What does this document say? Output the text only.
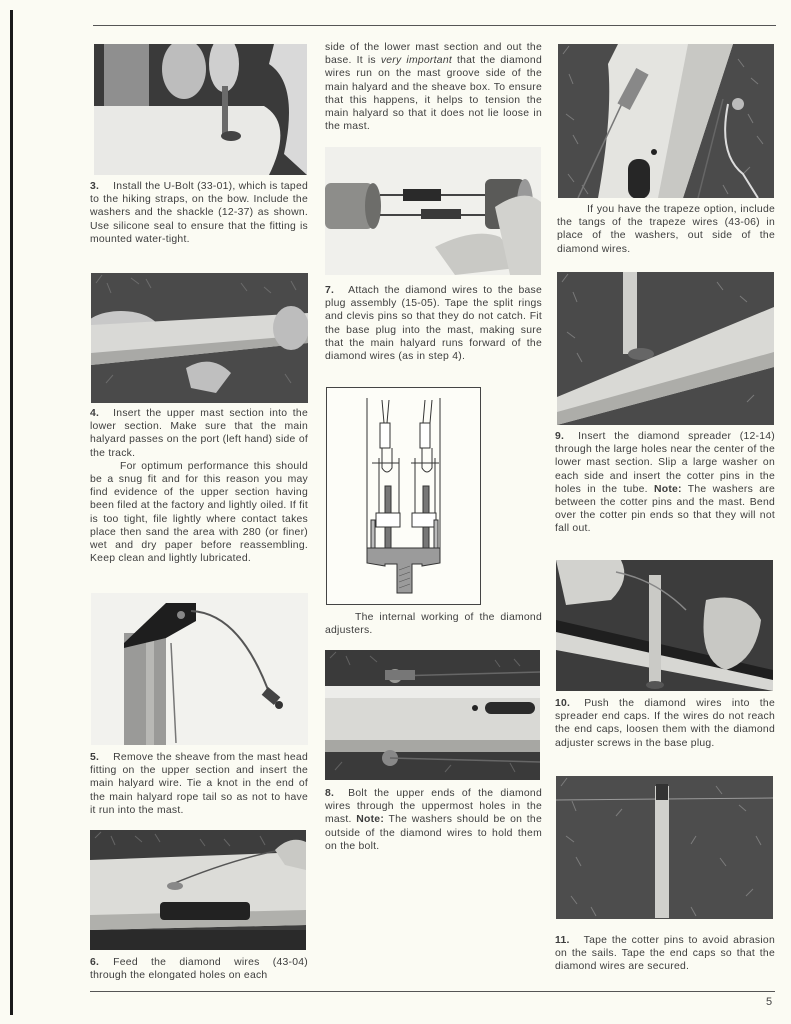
3. Install the U-Bolt (33-01), which is taped to the hiking straps, on the bow. Include the washers and the shackle (12-37) as shown. Use silicone seal to ensure that the fitting is mounted water-tight.

4. Insert the upper mast section into the lower section. Make sure that the main halyard passes on the port (left hand) side of the track.

For optimum performance this should be a snug fit and for this reason you may find evidence of the upper section having been filed at the factory and lightly oiled. If fit is too tight, file lightly where contact takes place then sand the area with 280 (or finer) wet and dry paper before reassembling. Keep clean and lightly lubricated.

5. Remove the sheave from the mast head fitting on the upper section and insert the main halyard wire. Tie a knot in the end of the main halyard rope tail so as not to have it run into the mast.

6. Feed the diamond wires (43-04) through the elongated holes on each

side of the lower mast section and out the base. It is very important that the diamond wires run on the mast groove side of the main halyard and the sheave box. To ensure that this happens, it helps to tension the main halyard so that it does not lie loose in the mast.

7. Attach the diamond wires to the base plug assembly (15-05). Tape the split rings and clevis pins so that they do not catch. Fit the base plug into the mast, making sure that the main halyard runs forward of the diamond wires (as in step 4).

The internal working of the diamond adjusters.

8. Bolt the upper ends of the diamond wires through the uppermost holes in the mast. Note: The washers should be on the outside of the diamond wires to hold them on the bolt.

If you have the trapeze option, include the tangs of the trapeze wires (43-06) in place of the washers, out side of the diamond wires.

9. Insert the diamond spreader (12-14) through the large holes near the center of the lower mast section. Slip a large washer on each side and insert the cotter pins in the holes in the tube. Note: The washers are between the cotter pins and the mast. Bend over the cotter pin ends so that they will not fall out.

10. Push the diamond wires into the spreader end caps. If the wires do not reach the end caps, loosen them with the diamond adjuster screws in the base plug.

11. Tape the cotter pins to avoid abrasion on the sails. Tape the end caps so that the diamond wires are secured.

5
